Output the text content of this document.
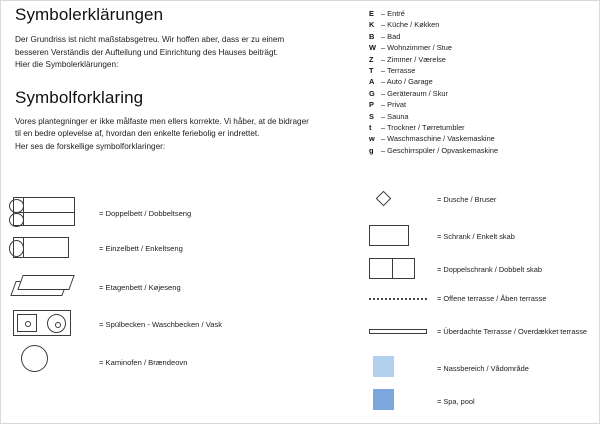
Symbolerklärungen

Der Grundriss ist nicht maßstabsgetreu. Wir hoffen aber, dass er zu einem
besseren Verständis der Aufteilung und Einrichtung des Hauses beiträgt.
Hier die Symbolerklärungen:

Symbolforklaring

Vores plantegninger er ikke målfaste men ellers korrekte. Vi håber, at de bidrager
til en bedre oplevelse af, hvordan den enkelte feriebolig er indrettet.
Her ses de forskellige symbolforklaringer:

= Doppelbett / Dobbeltseng
= Einzelbett / Enkeltseng
= Etagenbett / Køjeseng
= Spülbecken - Waschbecken / Vask
= Kaminofen / Brændeovn
E	– Entré
K	– Küche / Køkken
B	– Bad
W	– Wohnzimmer / Stue
Z	– Zimmer / Værelse
T	– Terrasse
A	– Auto / Garage
G	– Geräteraum / Skur
P	– Privat
S	– Sauna
t	– Trockner / Tørretumbler
w	– Waschmaschine / Vaskemaskine
g	– Geschirrspüler / Opvaskemaskine
= Dusche / Bruser
= Schrank / Enkelt skab
= Doppelschrank / Dobbelt skab
= Offene terrasse / Åben terrasse
= Überdachte Terrasse / Overdækket terrasse
= Nassbereich / Vådområde
= Spa, pool
